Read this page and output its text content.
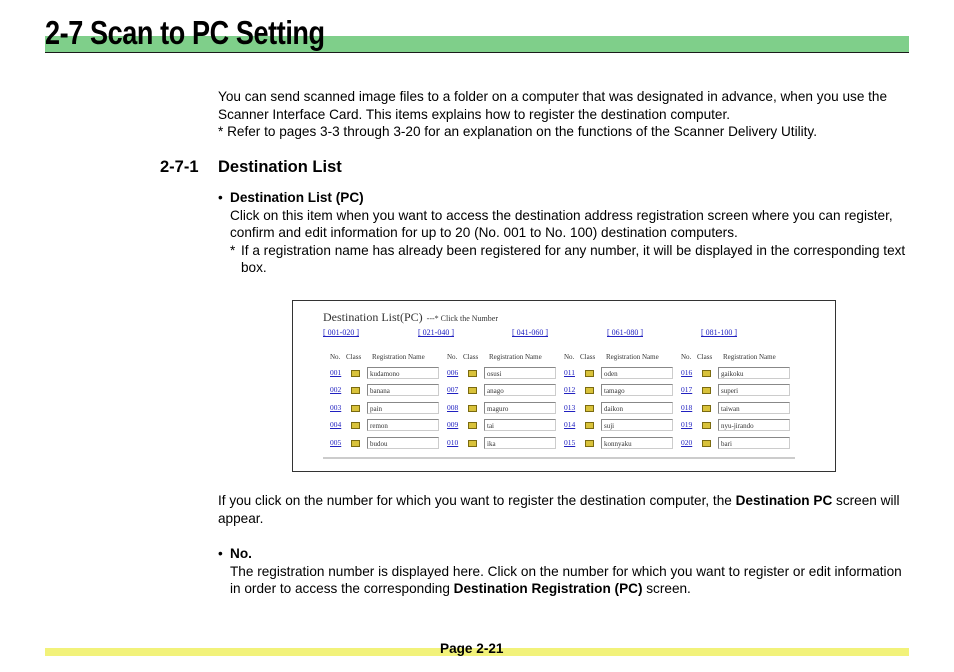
2-7 Scan to PC Setting

You can send scanned image files to a folder on a computer that was designated in advance, when you use the Scanner Interface Card. This items explains how to register the destination computer.
* Refer to pages 3-3 through 3-20 for an explanation on the functions of the Scanner Delivery Utility.

2-7-1 Destination List
• Destination List (PC)
Click on this item when you want to access the destination address registration screen where you can register, confirm and edit information for up to 20 (No. 001 to No. 100) destination computers.
* If a registration name has already been registered for any number, it will be displayed in the corresponding text box.
Destination List(PC) ---* Click the Number
[ 001-020 ]	[ 021-040 ]	[ 041-060 ]	[ 061-080 ]	[ 081-100 ]
No. Class Registration Name
001	kudamono
002	banana
003	pain
004	remon
005	budou
No. Class Registration Name
006	osusi
007	anago
008	maguro
009	tai
010	ika
No. Class Registration Name
011	oden
012	tamago
013	daikon
014	suji
015	konnyaku
No. Class Registration Name
016	gaikoku
017	superi
018	taiwan
019	nyu-jirando
020	bari

If you click on the number for which you want to register the destination computer, the Destination PC screen will appear.

• No.
The registration number is displayed here. Click on the number for which you want to register or edit information in order to access the corresponding Destination Registration (PC) screen.
Page 2-21
